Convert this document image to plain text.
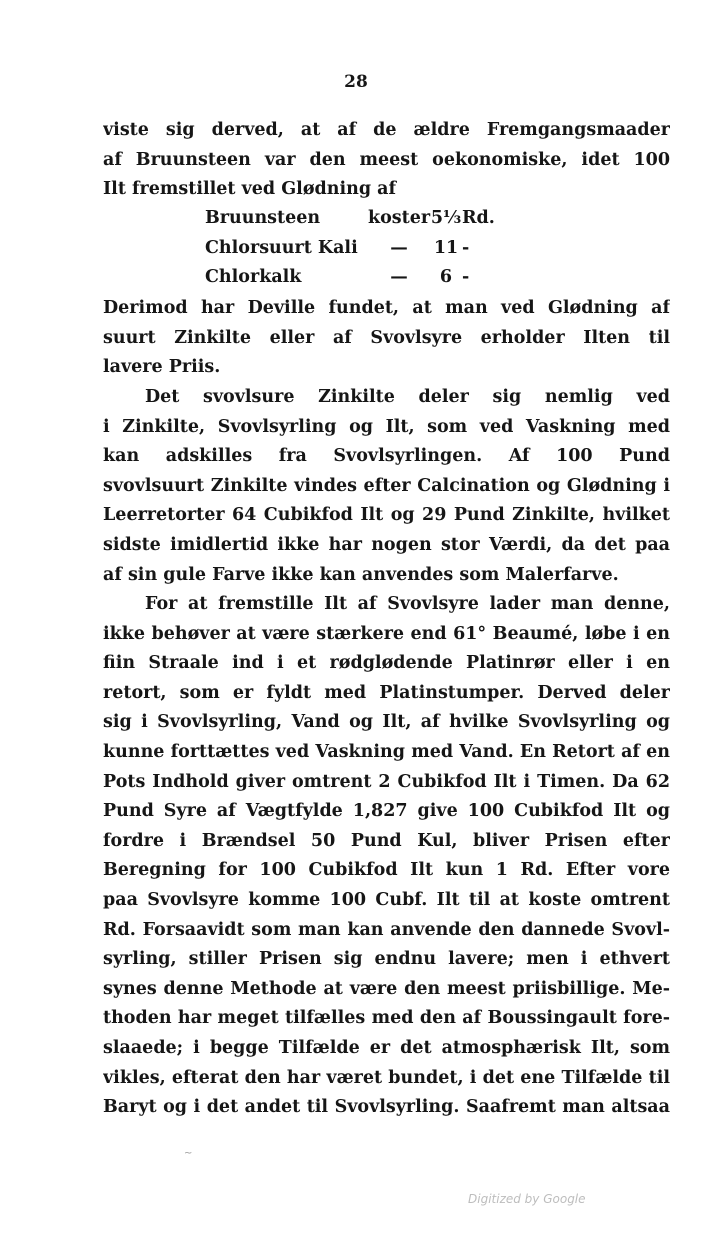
28
viste sig derved, at af de ældre Fremgangsmaader
af Bruunsteen var den meest oekonomiske, idet 100
Ilt fremstillet ved Glødning af
Bruunsteen	koster 5⅓ Rd.
Chlorsuurt Kali	—	11 -
Chlorkalk	—	6 -
Derimod har Deville fundet, at man ved Glødning af
suurt Zinkilte eller af Svovlsyre erholder Ilten til
lavere Priis.
Det svovlsure Zinkilte deler sig nemlig ved
i Zinkilte, Svovlsyrling og Ilt, som ved Vaskning med
kan adskilles fra Svovlsyrlingen. Af 100 Pund
svovlsuurt Zinkilte vindes efter Calcination og Glødning i
Leerretorter 64 Cubikfod Ilt og 29 Pund Zinkilte, hvilket
sidste imidlertid ikke har nogen stor Værdi, da det paa
af sin gule Farve ikke kan anvendes som Malerfarve.
For at fremstille Ilt af Svovlsyre lader man denne,
ikke behøver at være stærkere end 61° Beaumé, løbe i en
fiin Straale ind i et rødglødende Platinrør eller i en
retort, som er fyldt med Platinstumper. Derved deler
sig i Svovlsyrling, Vand og Ilt, af hvilke Svovlsyrling og
kunne forttættes ved Vaskning med Vand. En Retort af en
Pots Indhold giver omtrent 2 Cubikfod Ilt i Timen. Da 62
Pund Syre af Vægtfylde 1,827 give 100 Cubikfod Ilt og
fordre i Brændsel 50 Pund Kul, bliver Prisen efter
Beregning for 100 Cubikfod Ilt kun 1 Rd. Efter vore
paa Svovlsyre komme 100 Cubf. Ilt til at koste omtrent
Rd. Forsaavidt som man kan anvende den dannede Svovl-
syrling, stiller Prisen sig endnu lavere; men i ethvert
synes denne Methode at være den meest priisbillige. Me-
thoden har meget tilfælles med den af Boussingault fore-
slaaede; i begge Tilfælde er det atmosphærisk Ilt, som
vikles, efterat den har været bundet, i det ene Tilfælde til
Baryt og i det andet til Svovlsyrling. Saafremt man altsaa
~
Digitized by Google
